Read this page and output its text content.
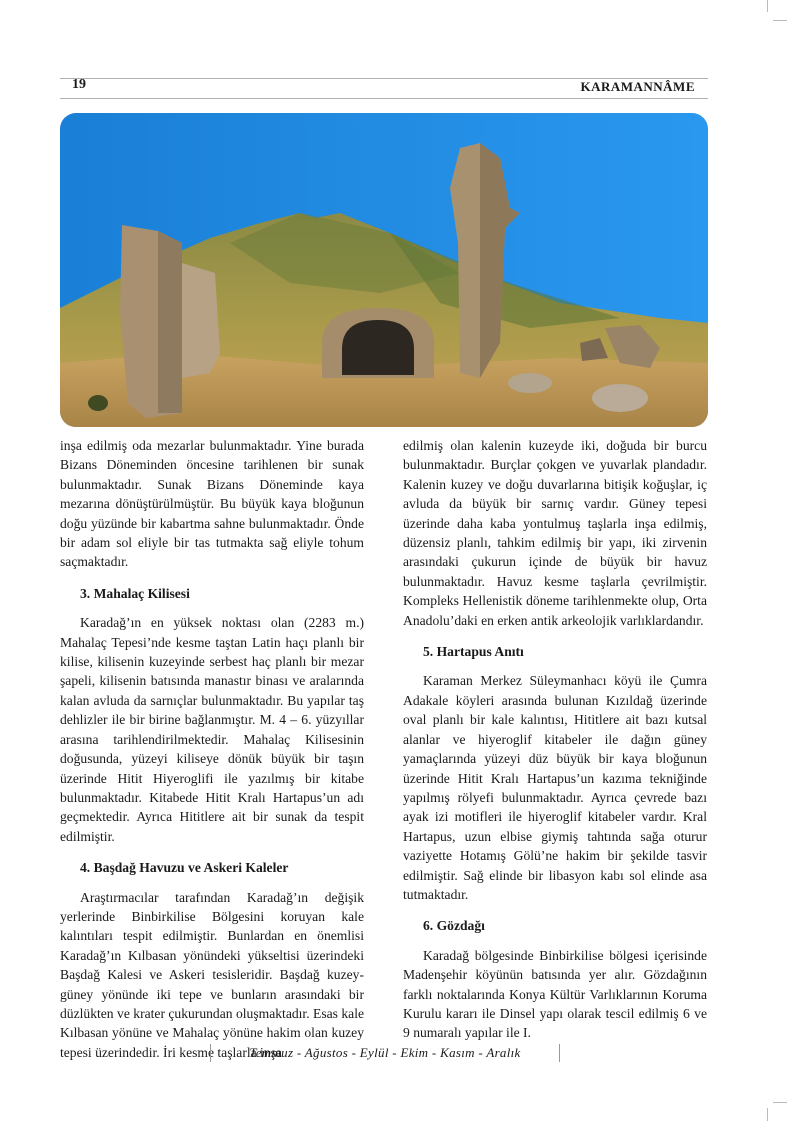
19	KARAMANNÂME

inşa edilmiş oda mezarlar bulunmaktadır. Yine burada Bizans Döneminden öncesine tarihlenen bir sunak bulunmaktadır. Sunak Bizans Döneminde kaya mezarına dönüştürülmüştür. Bu büyük kaya bloğunun doğu yüzünde bir kabartma sahne bulunmaktadır. Önde bir adam sol eliyle bir tas tutmakta sağ eliyle tohum saçmaktadır.

3. Mahalaç Kilisesi

Karadağ’ın en yüksek noktası olan (2283 m.) Mahalaç Tepesi’nde kesme taştan Latin haçı planlı bir kilise, kilisenin kuzeyinde serbest haç planlı bir mezar şapeli, kilisenin batısında manastır binası ve aralarında kalan avluda da sarnıçlar bulunmaktadır. Bu yapılar taş dehlizler ile bir birine bağlanmıştır. M. 4 – 6. yüzyıllar arasına tarihlendirilmektedir. Mahalaç Kilisesinin doğusunda, yüzeyi kiliseye dönük büyük bir taşın üzerinde Hitit Hiyeroglifi ile yazılmış bir kitabe bulunmaktadır. Kitabede Hitit Kralı Hartapus’un adı geçmektedir. Ayrıca Hititlere ait bir sunak da tespit edilmiştir.

4. Başdağ Havuzu ve Askeri Kaleler

Araştırmacılar tarafından Karadağ’ın değişik yerlerinde Binbirkilise Bölgesini koruyan kale kalıntıları tespit edilmiştir. Bunlardan en önemlisi Karadağ’ın Kılbasan yönündeki yükseltisi üzerindeki Başdağ Kalesi ve Askeri tesisleridir. Başdağ kuzey-güney yönünde iki tepe ve bunların arasındaki bir düzlükten ve krater çukurundan oluşmaktadır. Esas kale Kılbasan yönüne ve Mahalaç yönüne hakim olan kuzey tepesi üzerindedir. İri kesme taşlarla inşa

edilmiş olan kalenin kuzeyde iki, doğuda bir burcu bulunmaktadır. Burçlar çokgen ve yuvarlak plandadır. Kalenin kuzey ve doğu duvarlarına bitişik koğuşlar, iç avluda da büyük bir sarnıç vardır. Güney tepesi üzerinde daha kaba yontulmuş taşlarla inşa edilmiş, düzensiz planlı, tahkim edilmiş bir yapı, iki zirvenin arasındaki çukurun içinde de büyük bir havuz bulunmaktadır. Havuz kesme taşlarla çevrilmiştir. Kompleks Hellenistik döneme tarihlenmekte olup, Orta Anadolu’daki en erken antik arkeolojik varlıklardandır.

5. Hartapus Anıtı

Karaman Merkez Süleymanhacı köyü ile Çumra Adakale köyleri arasında bulunan Kızıldağ üzerinde oval planlı bir kale kalıntısı, Hititlere ait bazı kutsal alanlar ve hiyeroglif kitabeler ile dağın güney yamaçlarında yüzeyi düz büyük bir kaya bloğunun üzerinde Hitit Kralı Hartapus’un kazıma tekniğinde yapılmış rölyefi bulunmaktadır. Ayrıca çevrede bazı ayak izi motifleri ile hiyeroglif kitabeler vardır. Kral Hartapus, uzun elbise giymiş tahtında sağa oturur vaziyette Hotamış Gölü’ne hakim bir şekilde tasvir edilmiştir. Sağ elinde bir libasyon kabı sol elinde asa tutmaktadır.

6. Gözdağı

Karadağ bölgesinde Binbirkilise bölgesi içerisinde Madenşehir köyünün batısında yer alır. Gözdağının farklı noktalarında Konya Kültür Varlıklarının Koruma Kurulu kararı ile Dinsel yapı olarak tescil edilmiş 6 ve 9 numaralı yapılar ile I.

Temmuz - Ağustos - Eylül - Ekim - Kasım - Aralık
